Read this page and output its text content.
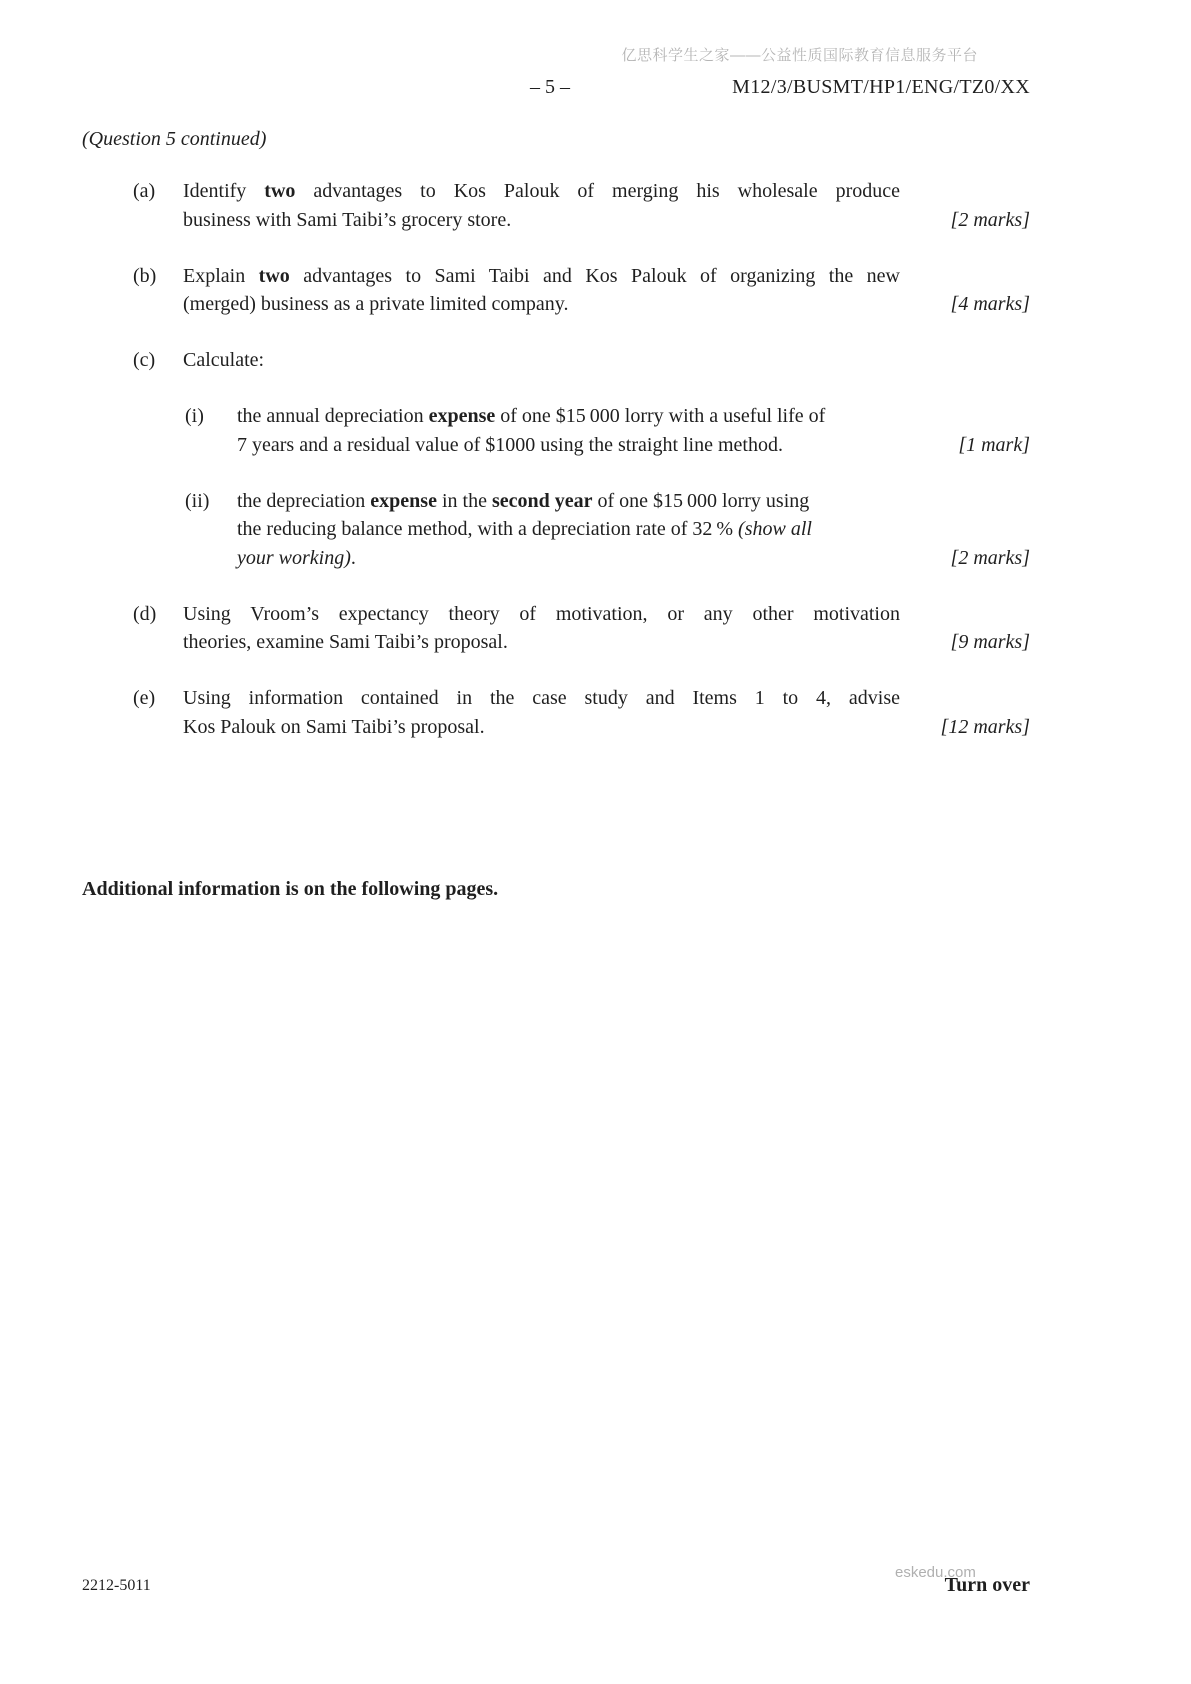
亿思科学生之家——公益性质国际教育信息服务平台
– 5 –	M12/3/BUSMT/HP1/ENG/TZ0/XX
(Question 5 continued)
(a)	Identify two advantages to Kos Palouk of merging his wholesale produce
business with Sami Taibi’s grocery store.	[2 marks]
(b)	Explain two advantages to Sami Taibi and Kos Palouk of organizing the new
(merged) business as a private limited company.	[4 marks]
(c)	Calculate:
(i)	the annual depreciation expense of one $15 000 lorry with a useful life of
7 years and a residual value of $1000 using the straight line method.	[1 mark]
(ii)	the depreciation expense in the second year of one $15 000 lorry using
the reducing balance method, with a depreciation rate of 32 % (show all
your working).	[2 marks]
(d)	Using Vroom’s expectancy theory of motivation, or any other motivation
theories, examine Sami Taibi’s proposal.	[9 marks]
(e)	Using information contained in the case study and Items 1 to 4, advise
Kos Palouk on Sami Taibi’s proposal.	[12 marks]
Additional information is on the following pages.
2212-5011
eskedu.com
Turn over
